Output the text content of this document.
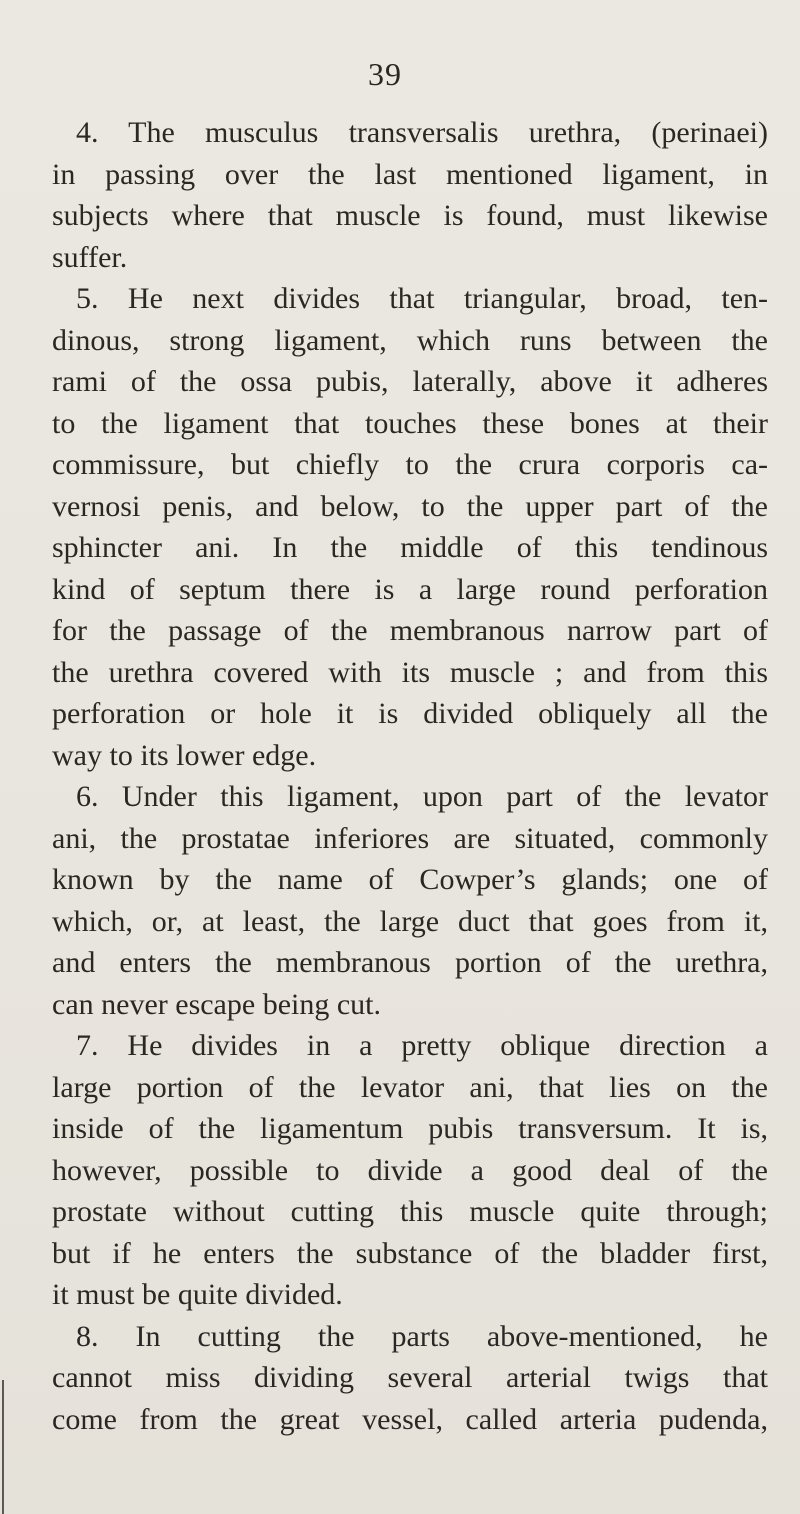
39
4. The musculus transversalis urethra, (perinaei)
in passing over the last mentioned ligament, in
subjects where that muscle is found, must likewise
suffer.
5. He next divides that triangular, broad, ten-
dinous, strong ligament, which runs between the
rami of the ossa pubis, laterally, above it adheres
to the ligament that touches these bones at their
commissure, but chiefly to the crura corporis ca-
vernosi penis, and below, to the upper part of the
sphincter ani. In the middle of this tendinous
kind of septum there is a large round perforation
for the passage of the membranous narrow part of
the urethra covered with its muscle ; and from this
perforation or hole it is divided obliquely all the
way to its lower edge.
6. Under this ligament, upon part of the levator
ani, the prostatae inferiores are situated, commonly
known by the name of Cowper’s glands; one of
which, or, at least, the large duct that goes from it,
and enters the membranous portion of the urethra,
can never escape being cut.
7. He divides in a pretty oblique direction a
large portion of the levator ani, that lies on the
inside of the ligamentum pubis transversum. It is,
however, possible to divide a good deal of the
prostate without cutting this muscle quite through;
but if he enters the substance of the bladder first,
it must be quite divided.
8. In cutting the parts above-mentioned, he
cannot miss dividing several arterial twigs that
come from the great vessel, called arteria pudenda,
